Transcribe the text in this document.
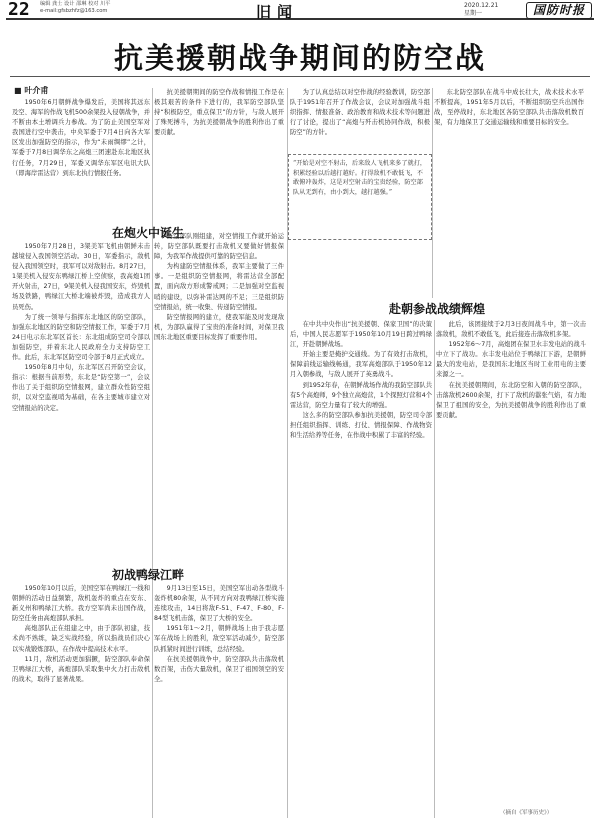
22 编辑 龚士 设计 邵琳 校对 川平
e-mail:gfsbzhfz@163.com	旧闻	2020.12.21
星期一	国防时报
抗美援朝战争期间的防空战
■ 叶介甫

1950年6月朝鲜战争爆发后，美国将其远东及空、海军的作战飞机500余架投入侵朝战争，并不断由本土增调兵力参战。为了防止美国空军对我国进行空中袭击，中央军委于7月4日向各大军区发出加强防空的指示，作为“未雨绸缪”之计，军委于7月8日调华东之高炮三团速赴东北地区执行任务，7月29日，军委又调华东军区电讯大队（即海岸雷达营）到东北执行情报任务。

抗美援朝期间的防空作战和情报工作是在极其艰苦的条件下进行的，我军防空部队坚持“积极防空，重点保卫”的方针，与敌人展开了殊死搏斗，为抗美援朝战争的胜利作出了重要贡献。

为了认真总结以对空作战的经验教训，防空部队于1951年召开了作战会议，会议对加强战斗组织指挥、情报准备、政治教育和战术技术等问题进行了讨论，提出了“高炮与歼击机协同作战，积极防空”的方针。

“开始是对空不射击，后来敌人飞机来多了就打，积累经验以后越打越好。打得敌机不敢低飞，不敢俯冲轰炸，这是对空射击的宝贵经验，防空部队从无到有，由小到大，越打越强。”

东北防空部队在战斗中成长壮大，战术技术水平不断提高，1951年5月以后，不断组织防空兵出国作战，至停战时，东北地区各防空部队共击落敌机数百架，有力地保卫了交通运输线和重要目标的安全。

在炮火中诞生

1950年7月28日，3架美军飞机由朝鲜未击越境侵入我国领空活动。30日，军委指示，敌机侵入我国领空时，我军可以对敌射击。8月27日，1架美机入侵安东鸭绿江桥上空侦察，我高炮1团开火射击，27日，9架美机入侵我国安东，炸毁机场及铁路，鸭绿江大桥北端被炸毁，造成我方人员死伤。

为了统一领导与指挥东北地区的防空部队，加强东北地区的防空和防空情报工作，军委于7月24日电示东北军区首长：东北组成防空司令部以加强防空，并着东北人民政府全力支持防空工作。此后，东北军区防空司令部于8月正式成立。

1950年8月中旬，东北军区召开防空会议，指示：根据当前形势，东北是“防空第一”，会议作出了关于组织防空情报网，建立群众性防空组织，以对空监视哨为基础，在各主要城市建立对空情报站的决定。

防空部队刚组建，对空情报工作就开始运转，防空部队既要打击敌机又要做好情报保障，为我军作战提供可靠的防空信息。

为构建防空情报体系，我军主要做了三件事。一是组织防空情报网，将雷达营全部配置，面向敌方形成警戒网；二是加强对空监视哨的建设，以弥补雷达网的不足；三是组织防空情报站，统一收集、传递防空情报。

防空情报网的建立，使我军能及时发现敌机，为部队赢得了宝贵的准备时间，对保卫我国东北地区重要目标发挥了重要作用。

初战鸭绿江畔

1950年10月以后，美国空军在鸭绿江一线和朝鲜的活动日益频繁，敌机轰炸的重点在安东、新义州和鸭绿江大桥。我方空军尚未出国作战，防空任务由高炮部队承担。

高炮部队正在组建之中，由于部队初建，技术尚不熟练，缺乏实战经验，所以指战员们决心以实战锻炼部队，在作战中提高技术水平。

11月，敌机活动更加猖獗，防空部队奉命保卫鸭绿江大桥，高炮部队采取集中火力打击敌机的战术，取得了显著战果。

9月13日至15日，美国空军出动各型战斗轰炸机80余架，从不同方向对我鸭绿江桥实施连续攻击，14日将敌F-51、F-47、F-80、F-84型飞机击落，保卫了大桥的安全。

1951年1～2月，朝鲜战场上由于我志愿军在战场上的胜利，敌空军活动减少，防空部队抓紧时间进行训练，总结经验。

在抗美援朝战争中，防空部队共击落敌机数百架，击伤大量敌机，保卫了祖国领空的安全。

赴朝参战战绩辉煌

在中共中央作出“抗美援朝、保家卫国”的决策后，中国人民志愿军于1950年10月19日跨过鸭绿江，开赴朝鲜战场。

开始主要是掩护交通线。为了有效打击敌机，保障前线运输线畅通，我军高炮部队于1950年12月入朝参战，与敌人展开了英勇战斗。

到1952年春，在朝鲜战场作战的我防空部队共有5个高炮师，9个独立高炮营，1个探照灯营和4个雷达营，防空力量有了较大的增强。

这么多的防空部队参加抗美援朝，防空司令部担任组织指挥、训练、打仗、情报保障、作战物资和生活给养等任务，在作战中积累了丰富的经验。

此后，该团接续于2月3日夜间战斗中，第一次击落敌机，敌机不敢低飞，此后接连击落敌机多架。

1952年6～7月，高炮团在保卫水丰发电站的战斗中立下了战功。水丰发电站位于鸭绿江下游，是朝鲜最大的发电站，是我国东北地区当时工业用电的主要来源之一。

在抗美援朝期间，东北防空和入朝的防空部队，击落敌机2600余架，打下了敌机的嚣张气焰，有力地保卫了祖国的安全，为抗美援朝战争的胜利作出了重要贡献。

（摘自《军事历史》）
